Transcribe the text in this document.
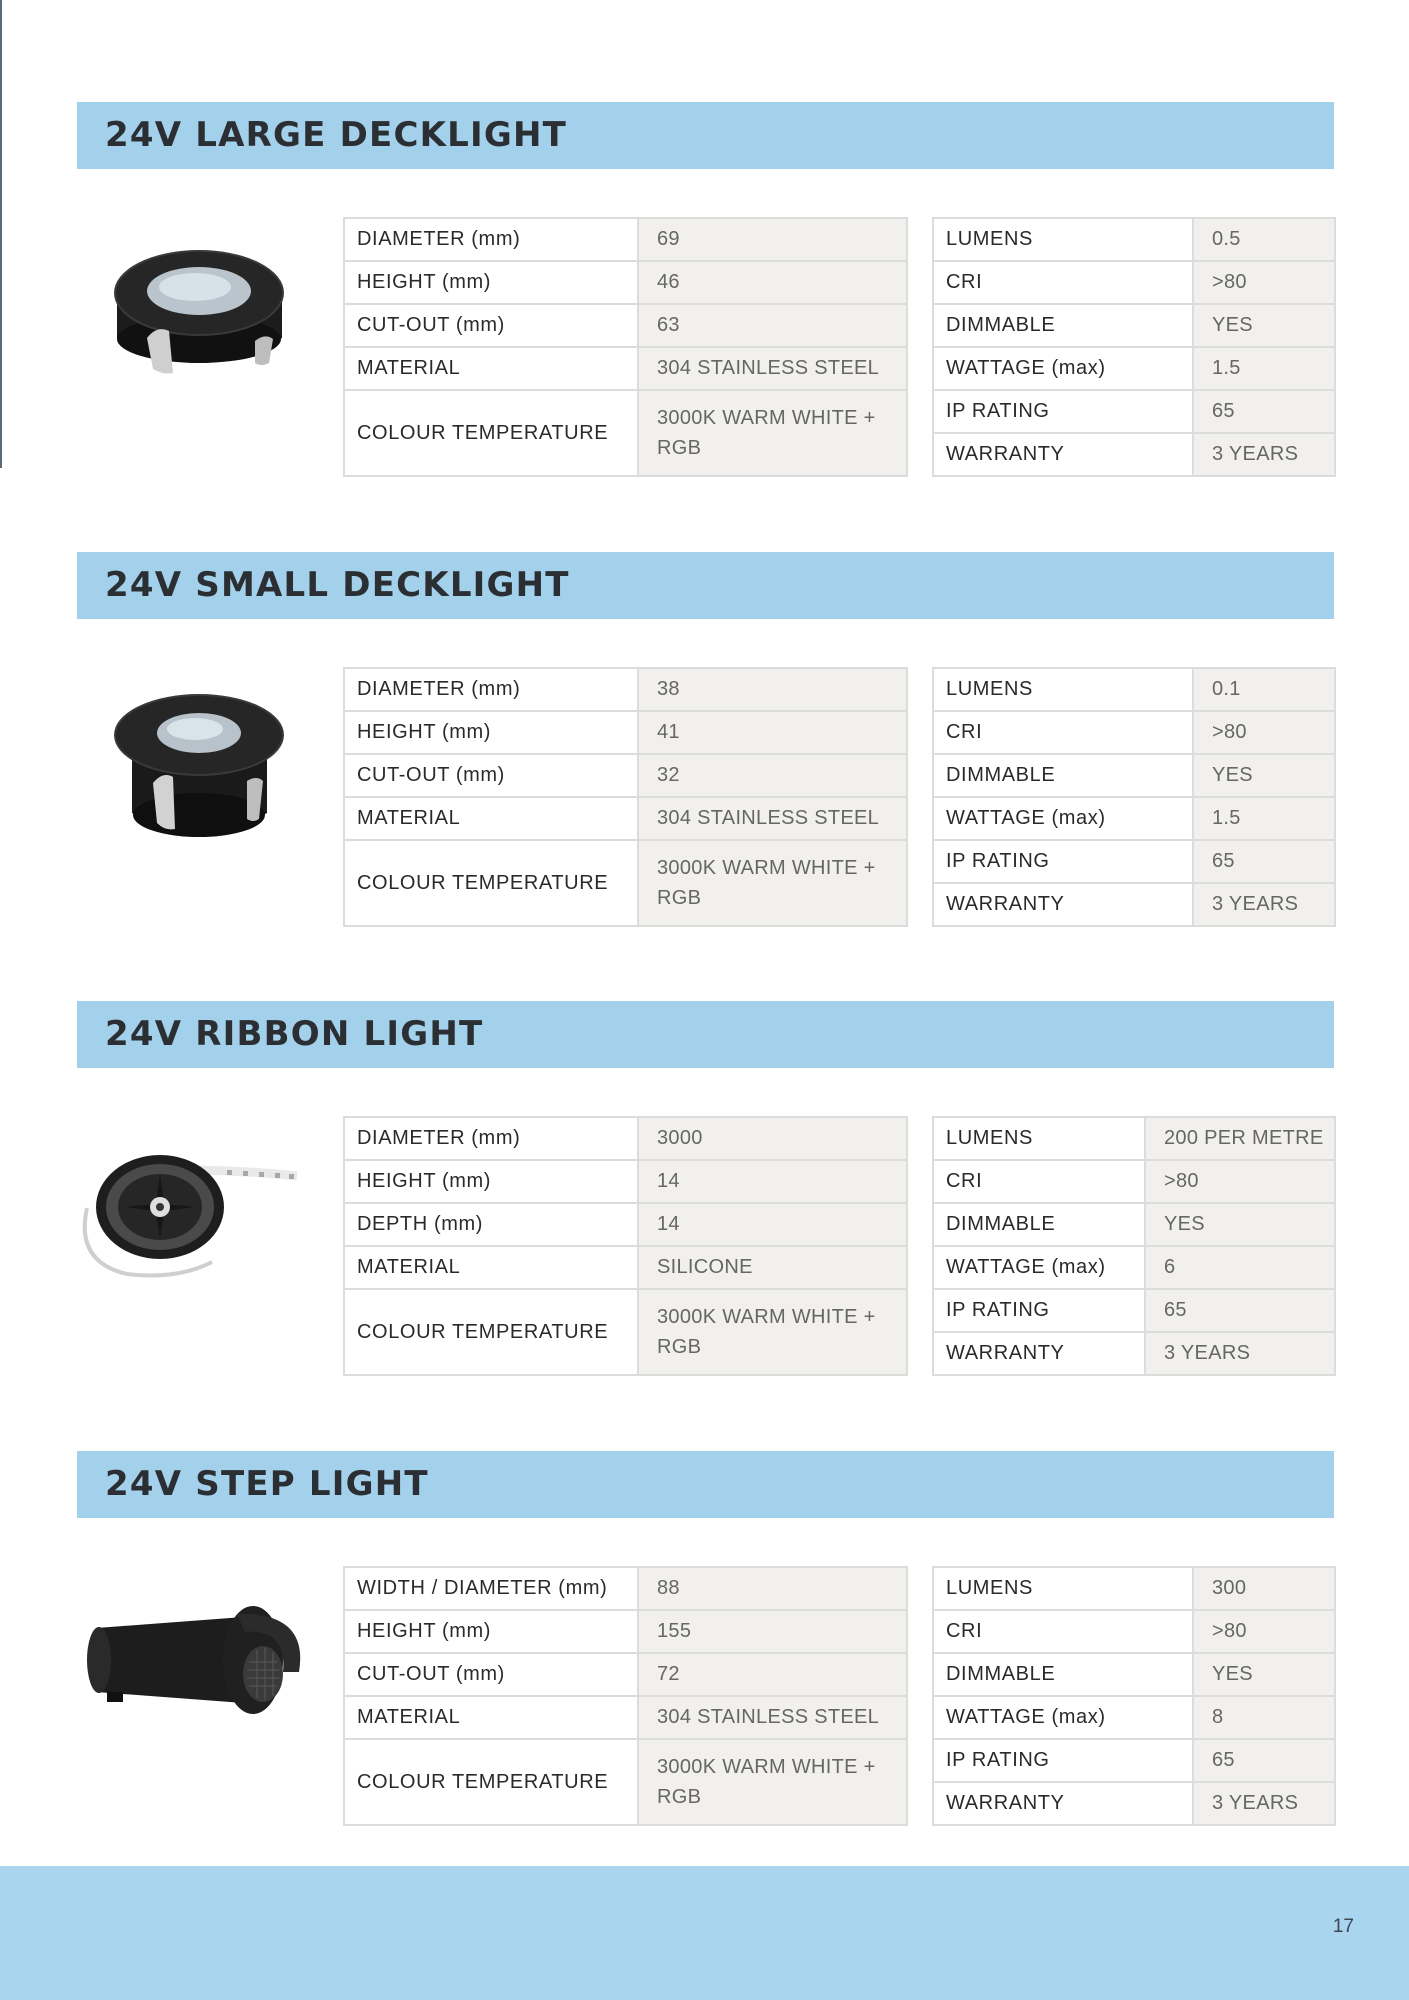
24V LARGE DECKLIGHT
DIAMETER (mm)	69
HEIGHT (mm)	46
CUT-OUT (mm)	63
MATERIAL	304 STAINLESS STEEL
COLOUR TEMPERATURE	3000K WARM WHITE + RGB
LUMENS	0.5
CRI	>80
DIMMABLE	YES
WATTAGE (max)	1.5
IP RATING	65
WARRANTY	3 YEARS
24V SMALL DECKLIGHT
DIAMETER (mm)	38
HEIGHT (mm)	41
CUT-OUT (mm)	32
MATERIAL	304 STAINLESS STEEL
COLOUR TEMPERATURE	3000K WARM WHITE + RGB
LUMENS	0.1
CRI	>80
DIMMABLE	YES
WATTAGE (max)	1.5
IP RATING	65
WARRANTY	3 YEARS
24V RIBBON LIGHT
DIAMETER (mm)	3000
HEIGHT (mm)	14
DEPTH (mm)	14
MATERIAL	SILICONE
COLOUR TEMPERATURE	3000K WARM WHITE + RGB
LUMENS	200 PER METRE
CRI	>80
DIMMABLE	YES
WATTAGE (max)	6
IP RATING	65
WARRANTY	3 YEARS
24V STEP LIGHT
WIDTH / DIAMETER (mm)	88
HEIGHT (mm)	155
CUT-OUT (mm)	72
MATERIAL	304 STAINLESS STEEL
COLOUR TEMPERATURE	3000K WARM WHITE + RGB
LUMENS	300
CRI	>80
DIMMABLE	YES
WATTAGE (max)	8
IP RATING	65
WARRANTY	3 YEARS
17
